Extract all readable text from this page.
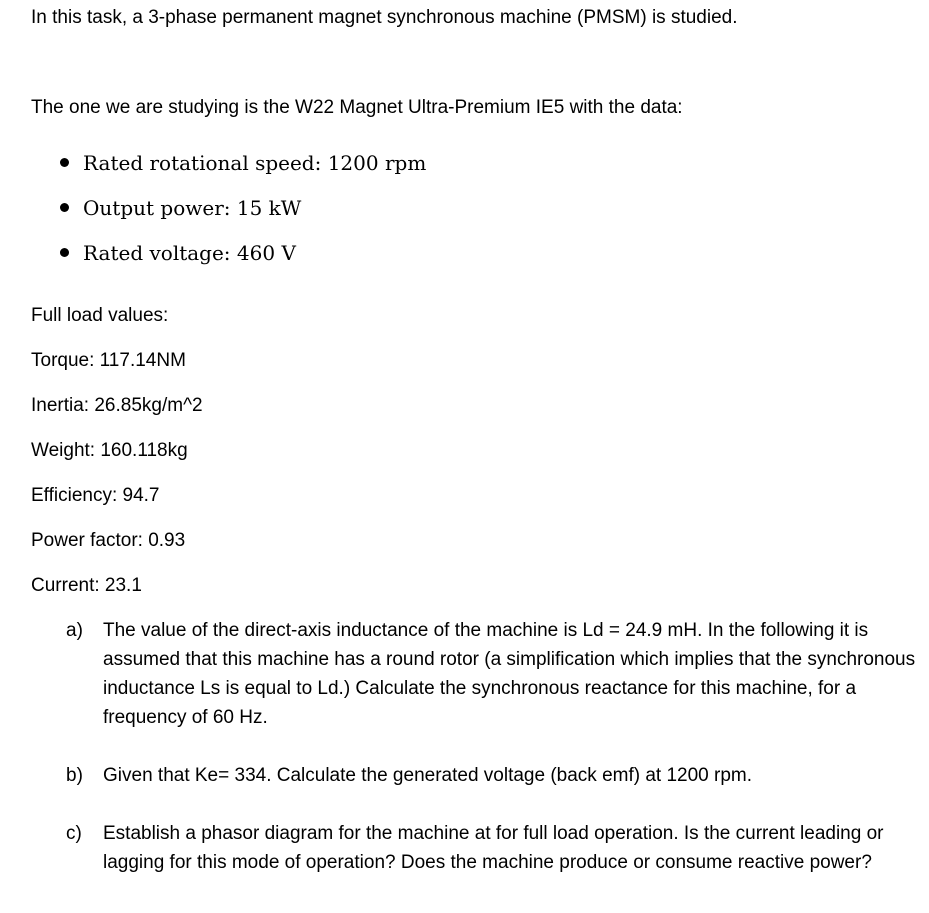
In this task, a 3-phase permanent magnet synchronous machine (PMSM) is studied.

The one we are studying is the W22 Magnet Ultra-Premium IE5 with the data:

Rated rotational speed: 1200 rpm
Output power: 15 kW
Rated voltage: 460 V

Full load values:

Torque: 117.14NM

Inertia: 26.85kg/m^2

Weight: 160.118kg

Efficiency: 94.7

Power factor: 0.93

Current: 23.1

a) The value of the direct-axis inductance of the machine is Ld = 24.9 mH. In the following it is assumed that this machine has a round rotor (a simplification which implies that the synchronous inductance Ls is equal to Ld.) Calculate the synchronous reactance for this machine, for a frequency of 60 Hz.
b) Given that Ke= 334. Calculate the generated voltage (back emf) at 1200 rpm.
c) Establish a phasor diagram for the machine at for full load operation. Is the current leading or lagging for this mode of operation? Does the machine produce or consume reactive power?
